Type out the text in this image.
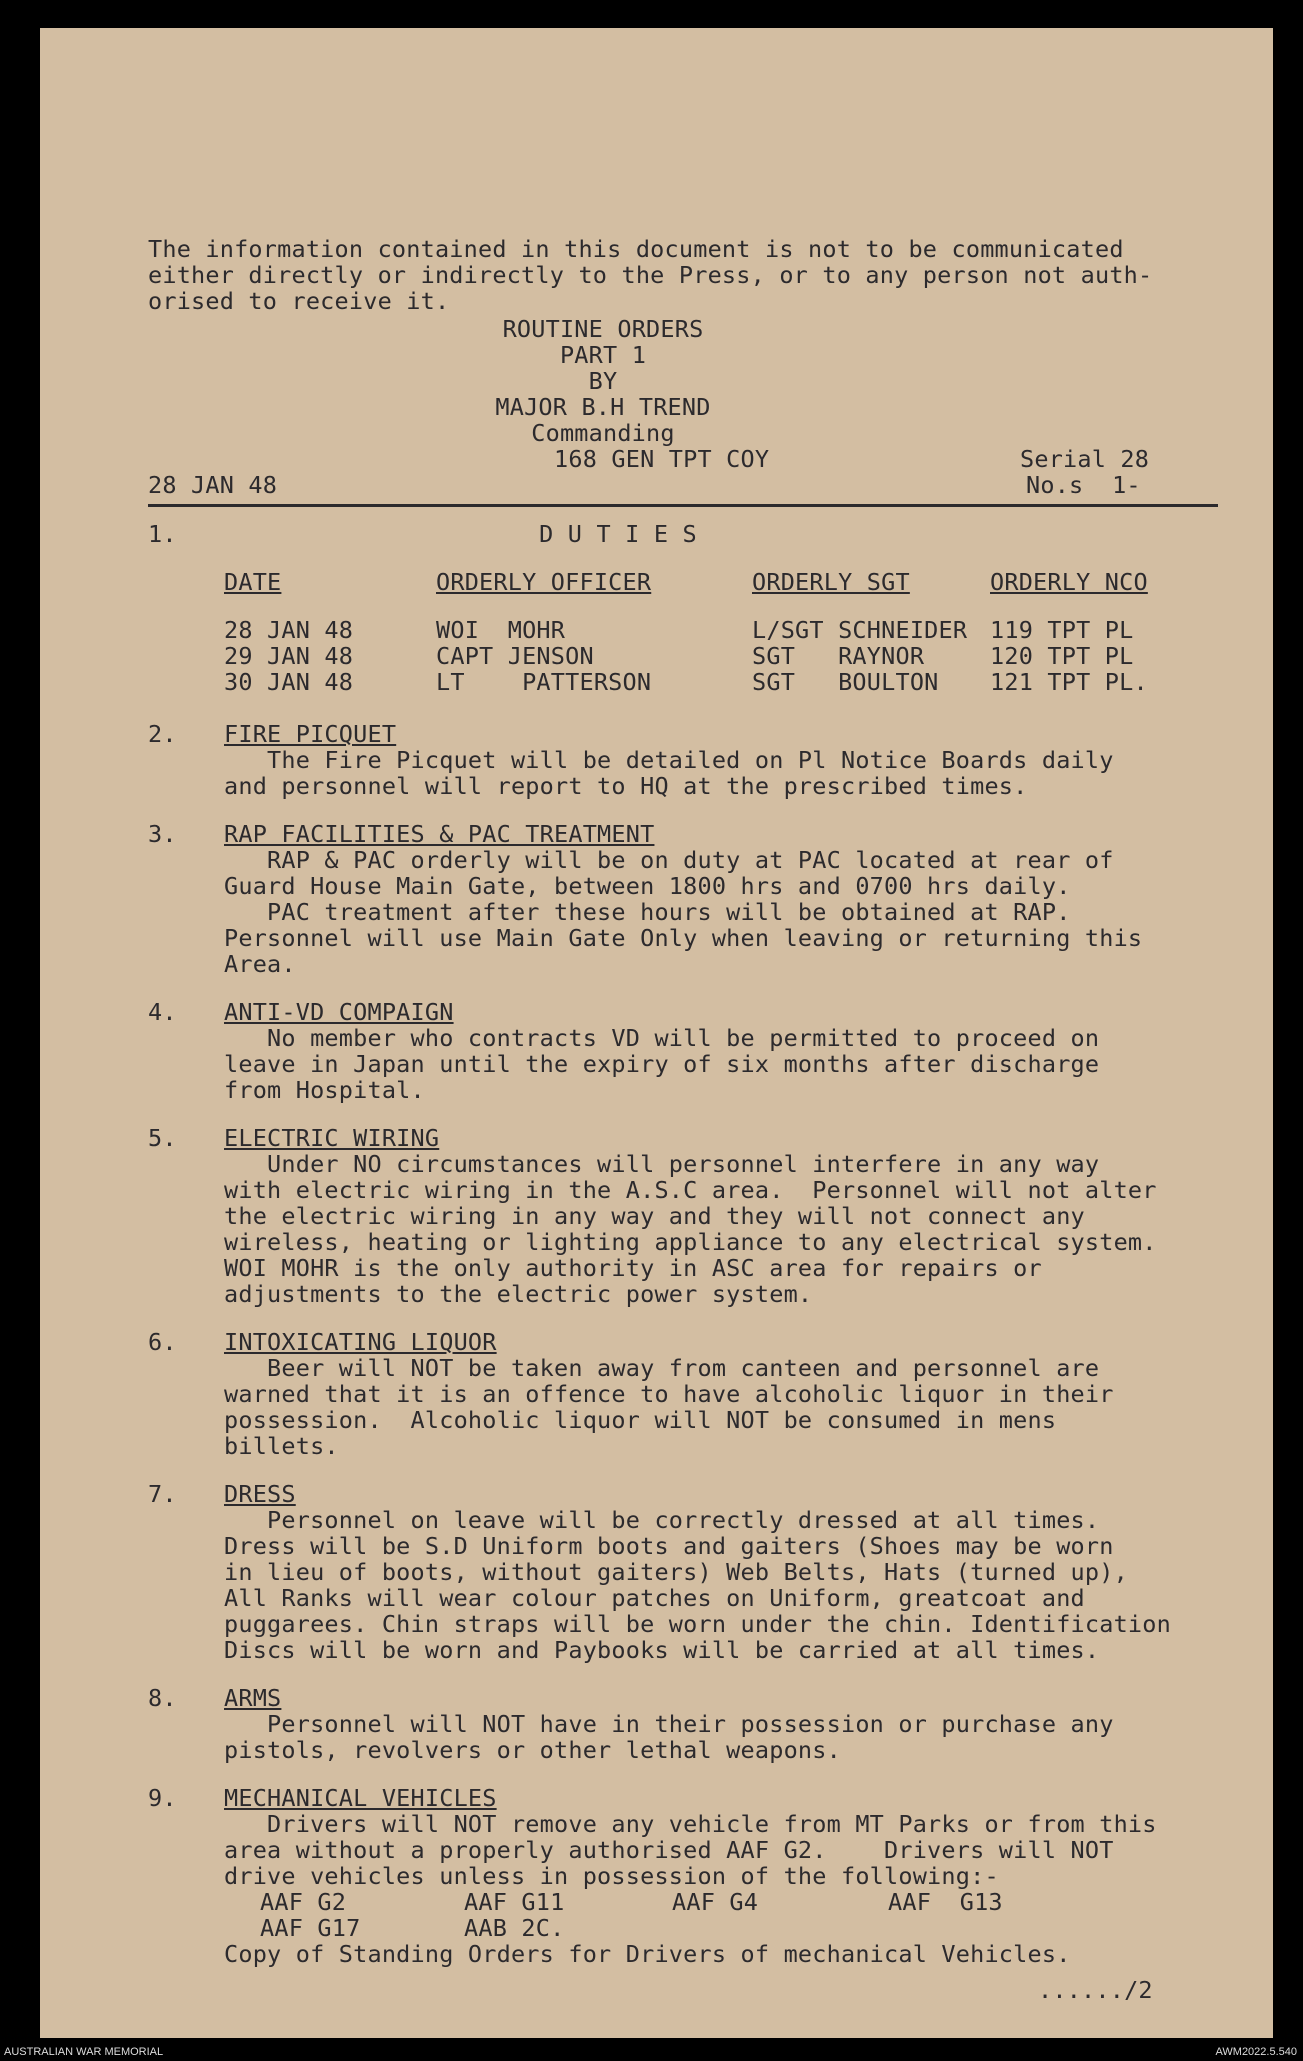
The information contained in this document is not to be communicated
either directly or indirectly to the Press, or to any person not auth-
orised to receive it.
ROUTINE ORDERS
PART 1
BY
MAJOR B.H TREND
Commanding
168 GEN TPT COY	Serial 28
28 JAN 48	No.s  1-
1.	D U T I E S
DATE	ORDERLY OFFICER	ORDERLY SGT	ORDERLY NCO
28 JAN 48	WOI  MOHR	L/SGT SCHNEIDER 119 TPT PL
29 JAN 48	CAPT JENSON	SGT   RAYNOR	120 TPT PL
30 JAN 48	LT    PATTERSON	SGT   BOULTON 121 TPT PL.
2. FIRE PICQUET
The Fire Picquet will be detailed on Pl Notice Boards daily
and personnel will report to HQ at the prescribed times.
3. RAP FACILITIES & PAC TREATMENT
RAP & PAC orderly will be on duty at PAC located at rear of
Guard House Main Gate, between 1800 hrs and 0700 hrs daily.
PAC treatment after these hours will be obtained at RAP.
Personnel will use Main Gate Only when leaving or returning this
Area.
4. ANTI-VD COMPAIGN
No member who contracts VD will be permitted to proceed on
leave in Japan until the expiry of six months after discharge
from Hospital.
5. ELECTRIC WIRING
Under NO circumstances will personnel interfere in any way
with electric wiring in the A.S.C area.  Personnel will not alter
the electric wiring in any way and they will not connect any
wireless, heating or lighting appliance to any electrical system.
WOI MOHR is the only authority in ASC area for repairs or
adjustments to the electric power system.
6. INTOXICATING LIQUOR
Beer will NOT be taken away from canteen and personnel are
warned that it is an offence to have alcoholic liquor in their
possession.  Alcoholic liquor will NOT be consumed in mens
billets.
7. DRESS
Personnel on leave will be correctly dressed at all times.
Dress will be S.D Uniform boots and gaiters (Shoes may be worn
in lieu of boots, without gaiters) Web Belts, Hats (turned up),
All Ranks will wear colour patches on Uniform, greatcoat and
puggarees. Chin straps will be worn under the chin. Identification
Discs will be worn and Paybooks will be carried at all times.
8. ARMS
Personnel will NOT have in their possession or purchase any
pistols, revolvers or other lethal weapons.
9. MECHANICAL VEHICLES
Drivers will NOT remove any vehicle from MT Parks or from this
area without a properly authorised AAF G2.    Drivers will NOT
drive vehicles unless in possession of the following:-
AAF G2	AAF G11	AAF G4	AAF  G13
AAF G17	AAB 2C.
Copy of Standing Orders for Drivers of mechanical Vehicles.
....../2
AUSTRALIAN WAR MEMORIAL	AWM2022.5.540
